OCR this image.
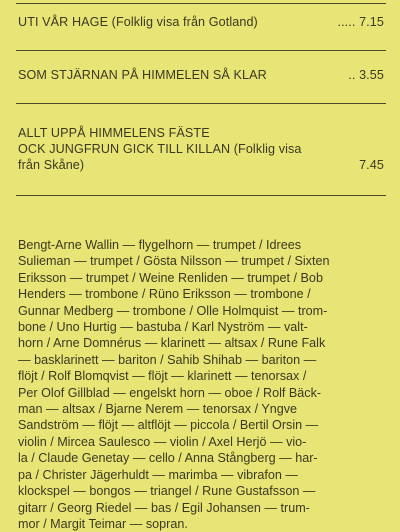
UTI VÅR HAGE (Folklig visa från Gotland)	..... 7.15
SOM STJÄRNAN PÅ HIMMELEN SÅ KLAR	.. 3.55
ALLT UPPÅ HIMMELENS FÄSTE
OCK JUNGFRUN GICK TILL KILLAN (Folklig visa
från Skåne)	7.45
Bengt-Arne Wallin — flygelhorn — trumpet / Idrees
Sulieman — trumpet / Gösta Nilsson — trumpet / Sixten
Eriksson — trumpet / Weine Renliden — trumpet / Bob
Henders — trombone / Rüno Eriksson — trombone /
Gunnar Medberg — trombone / Olle Holmquist — trom-
bone / Uno Hurtig — bastuba / Karl Nyström — valt-
horn / Arne Domnérus — klarinett — altsax / Rune Falk
— basklarinett — bariton / Sahib Shihab — bariton —
flöjt / Rolf Blomqvist — flöjt — klarinett — tenorsax /
Per Olof Gillblad — engelskt horn — oboe / Rolf Bäck-
man — altsax / Bjarne Nerem — tenorsax / Yngve
Sandström — flöjt — altflöjt — piccola / Bertil Orsin —
violin / Mircea Saulesco — violin / Axel Herjö — vio-
la / Claude Genetay — cello / Anna Stångberg — har-
pa / Christer Jägerhuldt — marimba — vibrafon —
klockspel — bongos — triangel / Rune Gustafsson —
gitarr / Georg Riedel — bas / Egil Johansen — trum-
mor / Margit Teimar — sopran.
